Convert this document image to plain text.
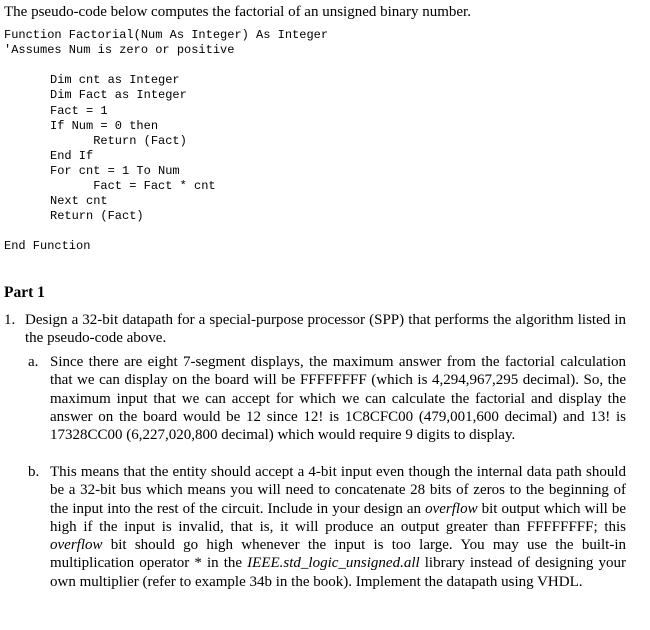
The pseudo-code below computes the factorial of an unsigned binary number.
Function Factorial(Num As Integer) As Integer
'Assumes Num is zero or positive
Dim cnt as Integer
Dim Fact as Integer
Fact = 1
If Num = 0 then
Return (Fact)
End If
For cnt = 1 To Num
Fact = Fact * cnt
Next cnt
Return (Fact)
End Function
Part 1
1. Design a 32-bit datapath for a special-purpose processor (SPP) that performs the algorithm listed in the pseudo-code above.
a. Since there are eight 7-segment displays, the maximum answer from the factorial calculation that we can display on the board will be FFFFFFFF (which is 4,294,967,295 decimal). So, the maximum input that we can accept for which we can calculate the factorial and display the answer on the board would be 12 since 12! is 1C8CFC00 (479,001,600 decimal) and 13! is 17328CC00 (6,227,020,800 decimal) which would require 9 digits to display.
b. This means that the entity should accept a 4-bit input even though the internal data path should be a 32-bit bus which means you will need to concatenate 28 bits of zeros to the beginning of the input into the rest of the circuit. Include in your design an overflow bit output which will be high if the input is invalid, that is, it will produce an output greater than FFFFFFFF; this overflow bit should go high whenever the input is too large. You may use the built-in multiplication operator * in the IEEE.std_logic_unsigned.all library instead of designing your own multiplier (refer to example 34b in the book). Implement the datapath using VHDL.
